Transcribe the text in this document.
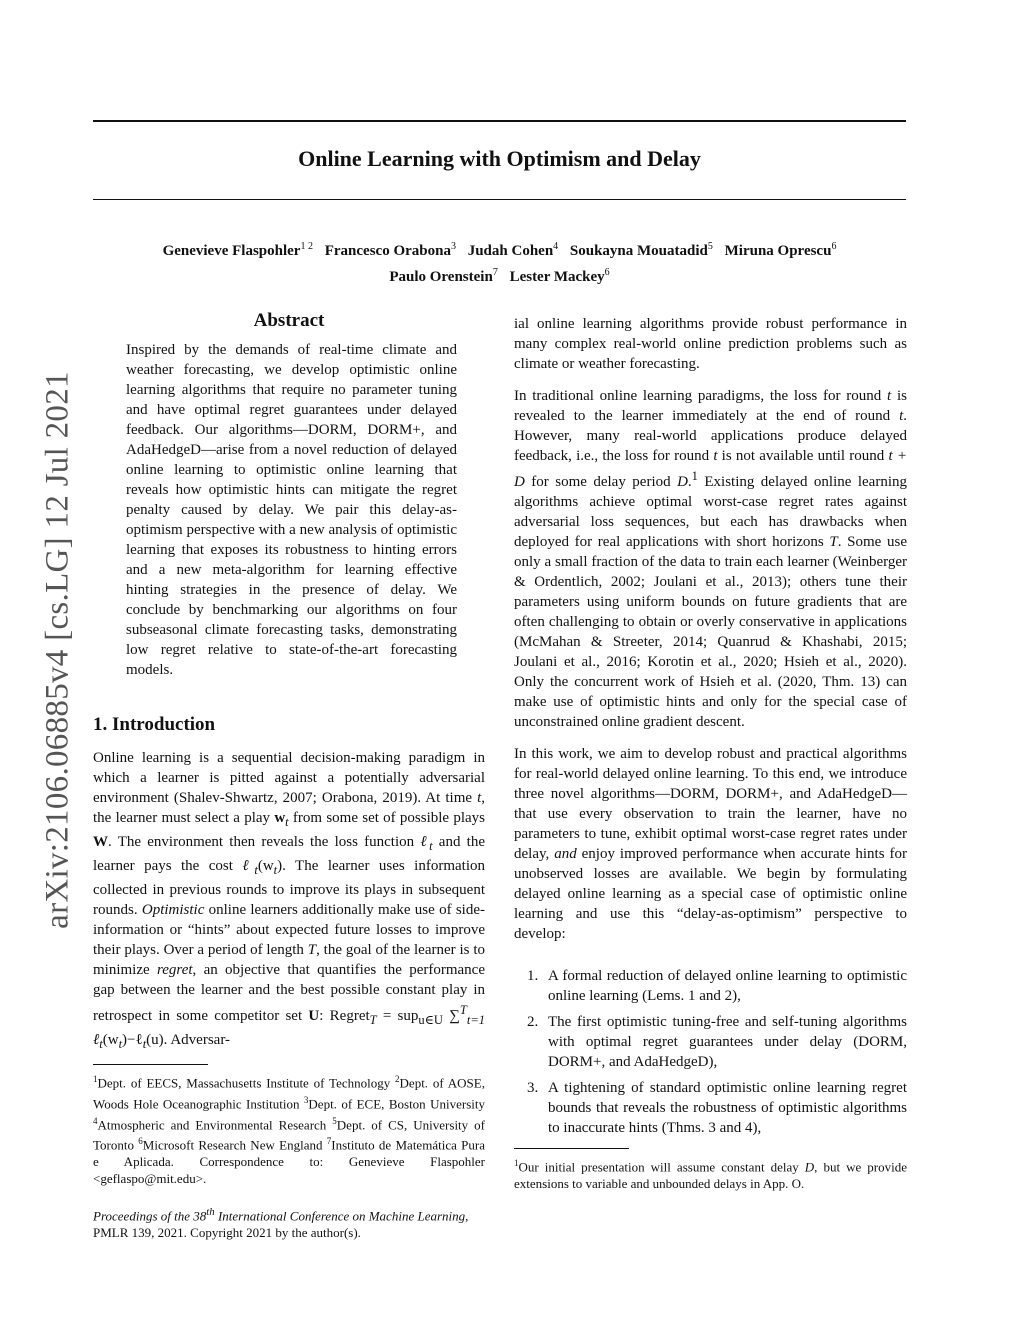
Online Learning with Optimism and Delay
Genevieve Flaspohler$^{1 2}$ Francesco Orabona$^3$ Judah Cohen$^4$ Soukayna Mouatadid$^5$ Miruna Oprescu$^6$
Paulo Orenstein$^7$ Lester Mackey$^6$
arXiv:2106.06885v4 [cs.LG] 12 Jul 2021
Abstract

Inspired by the demands of real-time climate and weather forecasting, we develop optimistic online learning algorithms that require no parameter tuning and have optimal regret guarantees under delayed feedback. Our algorithms—DORM, DORM+, and AdaHedgeD—arise from a novel reduction of delayed online learning to optimistic online learning that reveals how optimistic hints can mitigate the regret penalty caused by delay. We pair this delay-as-optimism perspective with a new analysis of optimistic learning that exposes its robustness to hinting errors and a new meta-algorithm for learning effective hinting strategies in the presence of delay. We conclude by benchmarking our algorithms on four subseasonal climate forecasting tasks, demonstrating low regret relative to state-of-the-art forecasting models.

1. Introduction

Online learning is a sequential decision-making paradigm in which a learner is pitted against a potentially adversarial environment (Shalev-Shwartz, 2007; Orabona, 2019). At time t, the learner must select a play $w_t$ from some set of possible plays W. The environment then reveals the loss function ℓ$_t$ and the learner pays the cost $\ell_t(w_t)$. The learner uses information collected in previous rounds to improve its plays in subsequent rounds. Optimistic online learners additionally make use of side-information or “hints” about expected future losses to improve their plays. Over a period of length T, the goal of the learner is to minimize regret, an objective that quantifies the performance gap between the learner and the best possible constant play in retrospect in some competitor set U: Regret$_T$ = sup$_{u\in U}$ ∑$^T_{t=1}$ $\ell_t(w_t)-\ell_t(u)$. Adversar-

$^1$Dept. of EECS, Massachusetts Institute of Technology $^2$Dept. of AOSE, Woods Hole Oceanographic Institution $^3$Dept. of ECE, Boston University $^4$Atmospheric and Environmental Research $^5$Dept. of CS, University of Toronto $^6$Microsoft Research New England $^7$Instituto de Matemática Pura e Aplicada. Correspondence to: Genevieve Flaspohler <geflaspo@mit.edu>.

Proceedings of the 38th International Conference on Machine Learning, PMLR 139, 2021. Copyright 2021 by the author(s).

ial online learning algorithms provide robust performance in many complex real-world online prediction problems such as climate or weather forecasting.

In traditional online learning paradigms, the loss for round t is revealed to the learner immediately at the end of round t. However, many real-world applications produce delayed feedback, i.e., the loss for round t is not available until round t + D for some delay period D.$^1$ Existing delayed online learning algorithms achieve optimal worst-case regret rates against adversarial loss sequences, but each has drawbacks when deployed for real applications with short horizons T. Some use only a small fraction of the data to train each learner (Weinberger & Ordentlich, 2002; Joulani et al., 2013); others tune their parameters using uniform bounds on future gradients that are often challenging to obtain or overly conservative in applications (McMahan & Streeter, 2014; Quanrud & Khashabi, 2015; Joulani et al., 2016; Korotin et al., 2020; Hsieh et al., 2020). Only the concurrent work of Hsieh et al. (2020, Thm. 13) can make use of optimistic hints and only for the special case of unconstrained online gradient descent.

In this work, we aim to develop robust and practical algorithms for real-world delayed online learning. To this end, we introduce three novel algorithms—DORM, DORM+, and AdaHedgeD—that use every observation to train the learner, have no parameters to tune, exhibit optimal worst-case regret rates under delay, and enjoy improved performance when accurate hints for unobserved losses are available. We begin by formulating delayed online learning as a special case of optimistic online learning and use this “delay-as-optimism” perspective to develop:

1. A formal reduction of delayed online learning to optimistic online learning (Lems. 1 and 2),
2. The first optimistic tuning-free and self-tuning algorithms with optimal regret guarantees under delay (DORM, DORM+, and AdaHedgeD),
3. A tightening of standard optimistic online learning regret bounds that reveals the robustness of optimistic algorithms to inaccurate hints (Thms. 3 and 4),

$^1$Our initial presentation will assume constant delay D, but we provide extensions to variable and unbounded delays in App. O.
